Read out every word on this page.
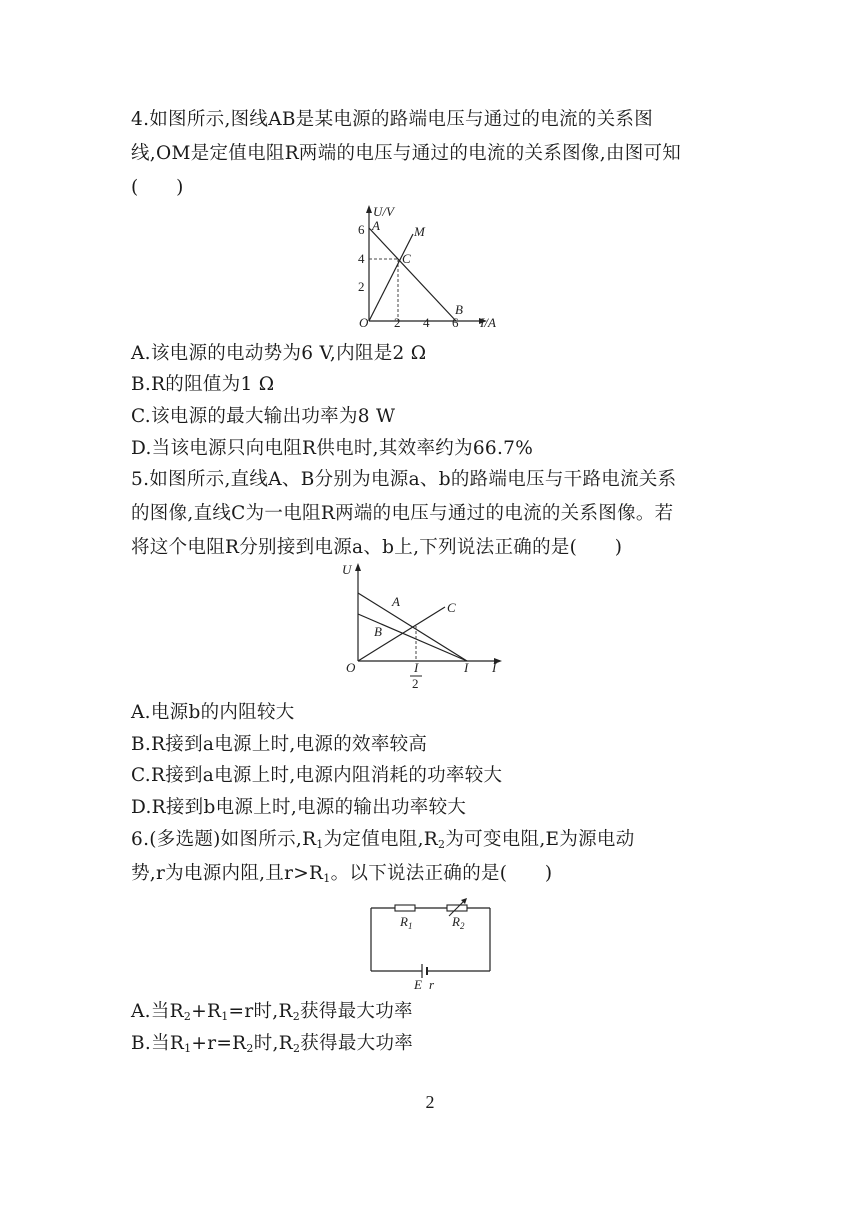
4.如图所示,图线AB是某电源的路端电压与通过的电流的关系图
线,OM是定值电阻R两端的电压与通过的电流的关系图像,由图可知
(　　)
U/V
A	M
C
B
6
4
2
O 2 4 6 I/A
A.该电源的电动势为6 V,内阻是2 Ω
B.R的阻值为1 Ω
C.该电源的最大输出功率为8 W
D.当该电源只向电阻R供电时,其效率约为66.7%
5.如图所示,直线A、B分别为电源a、b的路端电压与干路电流关系
的图像,直线C为一电阻R两端的电压与通过的电流的关系图像。若
将这个电阻R分别接到电源a、b上,下列说法正确的是(　　)
U
A	C
B
O	I
2
I I
A.电源b的内阻较大
B.R接到a电源上时,电源的效率较高
C.R接到a电源上时,电源内阻消耗的功率较大
D.R接到b电源上时,电源的输出功率较大
6.(多选题)如图所示$,R_1$为定值电阻$,R_2$为可变电阻,E为源电动
势,r为电源内阻,且$r>R_1$。以下说法正确的是(　　)
$R_1$	$R_2$
E r
A.当$R_2+R_1=r$时$,R_2$获得最大功率
B.当$R_1+r=R_2$时$,R_2$获得最大功率
2
